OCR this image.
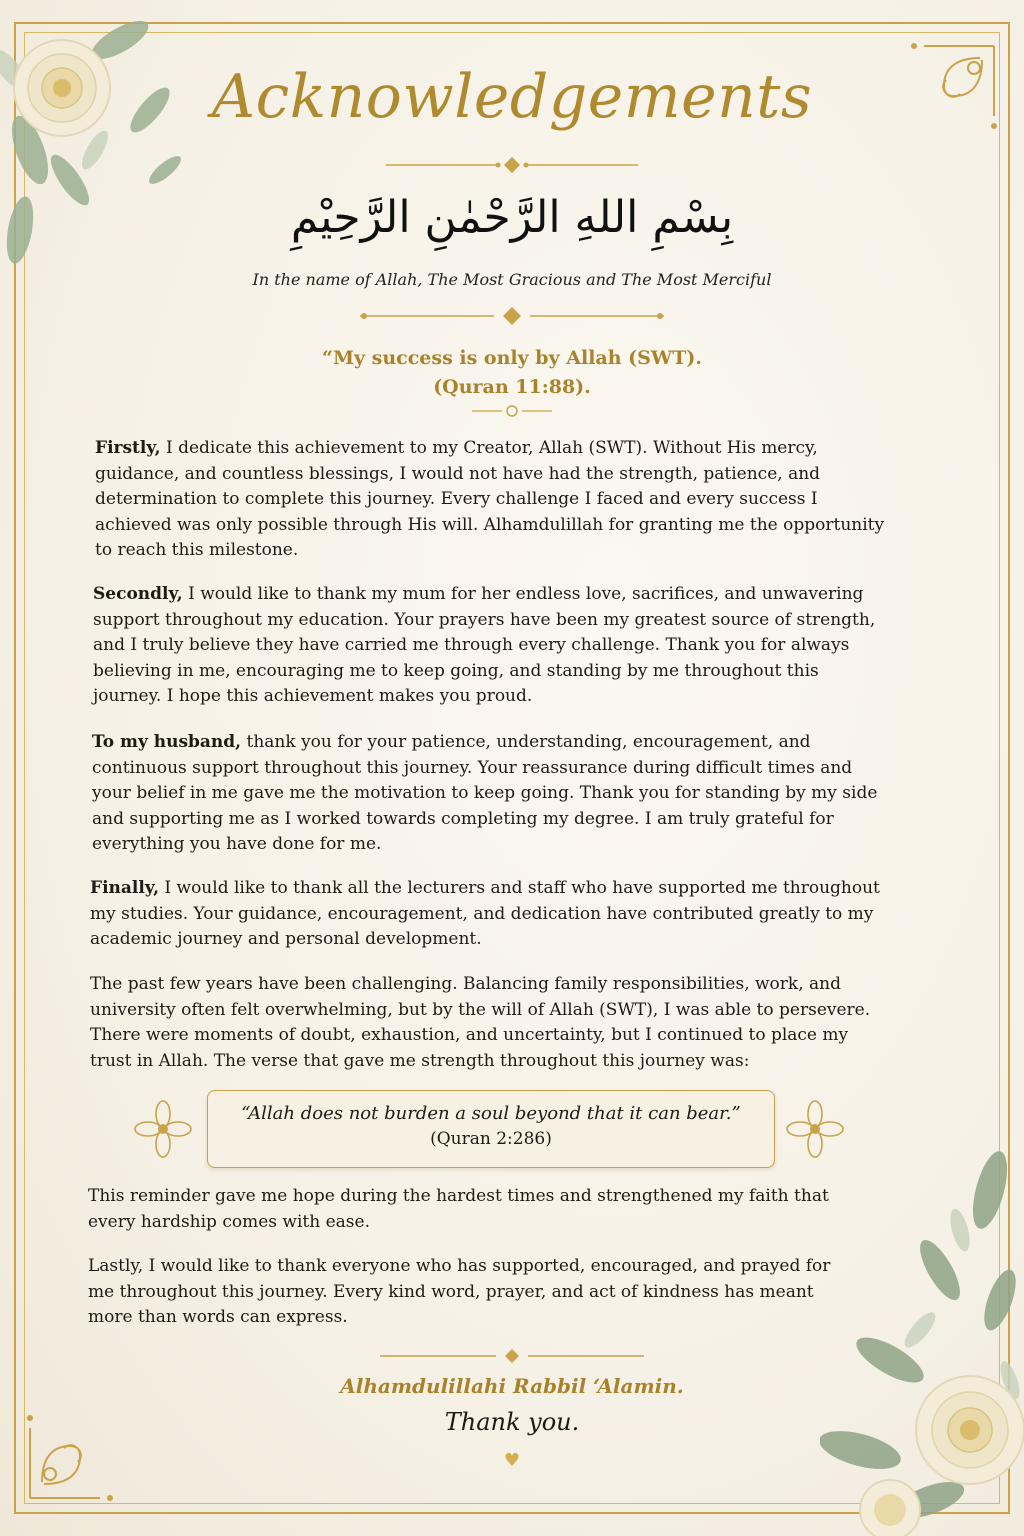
Acknowledgements
بِسْمِ اللهِ الرَّحْمٰنِ الرَّحِيْمِ
In the name of Allah, The Most Gracious and The Most Merciful
“My success is only by Allah (SWT).
(Quran 11:88).

Firstly, I dedicate this achievement to my Creator, Allah (SWT). Without His mercy, guidance, and countless blessings, I would not have had the strength, patience, and determination to complete this journey. Every challenge I faced and every success I achieved was only possible through His will. Alhamdulillah for granting me the opportunity to reach this milestone.

Secondly, I would like to thank my mum for her endless love, sacrifices, and unwavering support throughout my education. Your prayers have been my greatest source of strength, and I truly believe they have carried me through every challenge. Thank you for always believing in me, encouraging me to keep going, and standing by me throughout this journey. I hope this achievement makes you proud.

To my husband, thank you for your patience, understanding, encouragement, and continuous support throughout this journey. Your reassurance during difficult times and your belief in me gave me the motivation to keep going. Thank you for standing by my side and supporting me as I worked towards completing my degree. I am truly grateful for everything you have done for me.

Finally, I would like to thank all the lecturers and staff who have supported me throughout my studies. Your guidance, encouragement, and dedication have contributed greatly to my academic journey and personal development.

The past few years have been challenging. Balancing family responsibilities, work, and university often felt overwhelming, but by the will of Allah (SWT), I was able to persevere. There were moments of doubt, exhaustion, and uncertainty, but I continued to place my trust in Allah. The verse that gave me strength throughout this journey was:

“Allah does not burden a soul beyond that it can bear.”
(Quran 2:286)

This reminder gave me hope during the hardest times and strengthened my faith that every hardship comes with ease.

Lastly, I would like to thank everyone who has supported, encouraged, and prayed for me throughout this journey. Every kind word, prayer, and act of kindness has meant more than words can express.

Alhamdulillahi Rabbil ‘Alamin.
Thank you.
♥
